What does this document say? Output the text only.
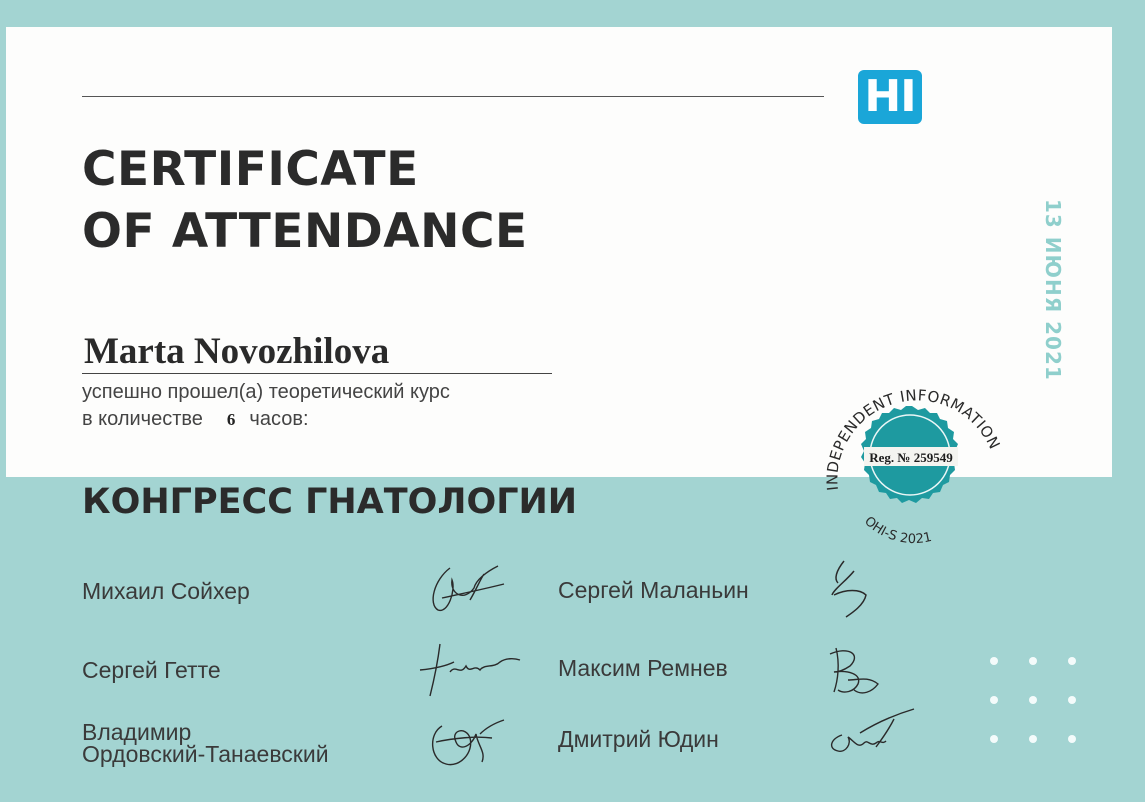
HI
CERTIFICATE
OF ATTENDANCE	13 ИЮНЯ 2021
Marta Novozhilova
успешно прошел(а) теоретический курс
в количестве 6 часов:
КОНГРЕСС ГНАТОЛОГИИ
Reg. № 259549
INDEPENDENT INFORMATION
OHI-S 2021
Михаил Сойхер
Сергей Гетте
Владимир
Ордовский-Танаевский
Сергей Маланьин
Максим Ремнев
Дмитрий Юдин
